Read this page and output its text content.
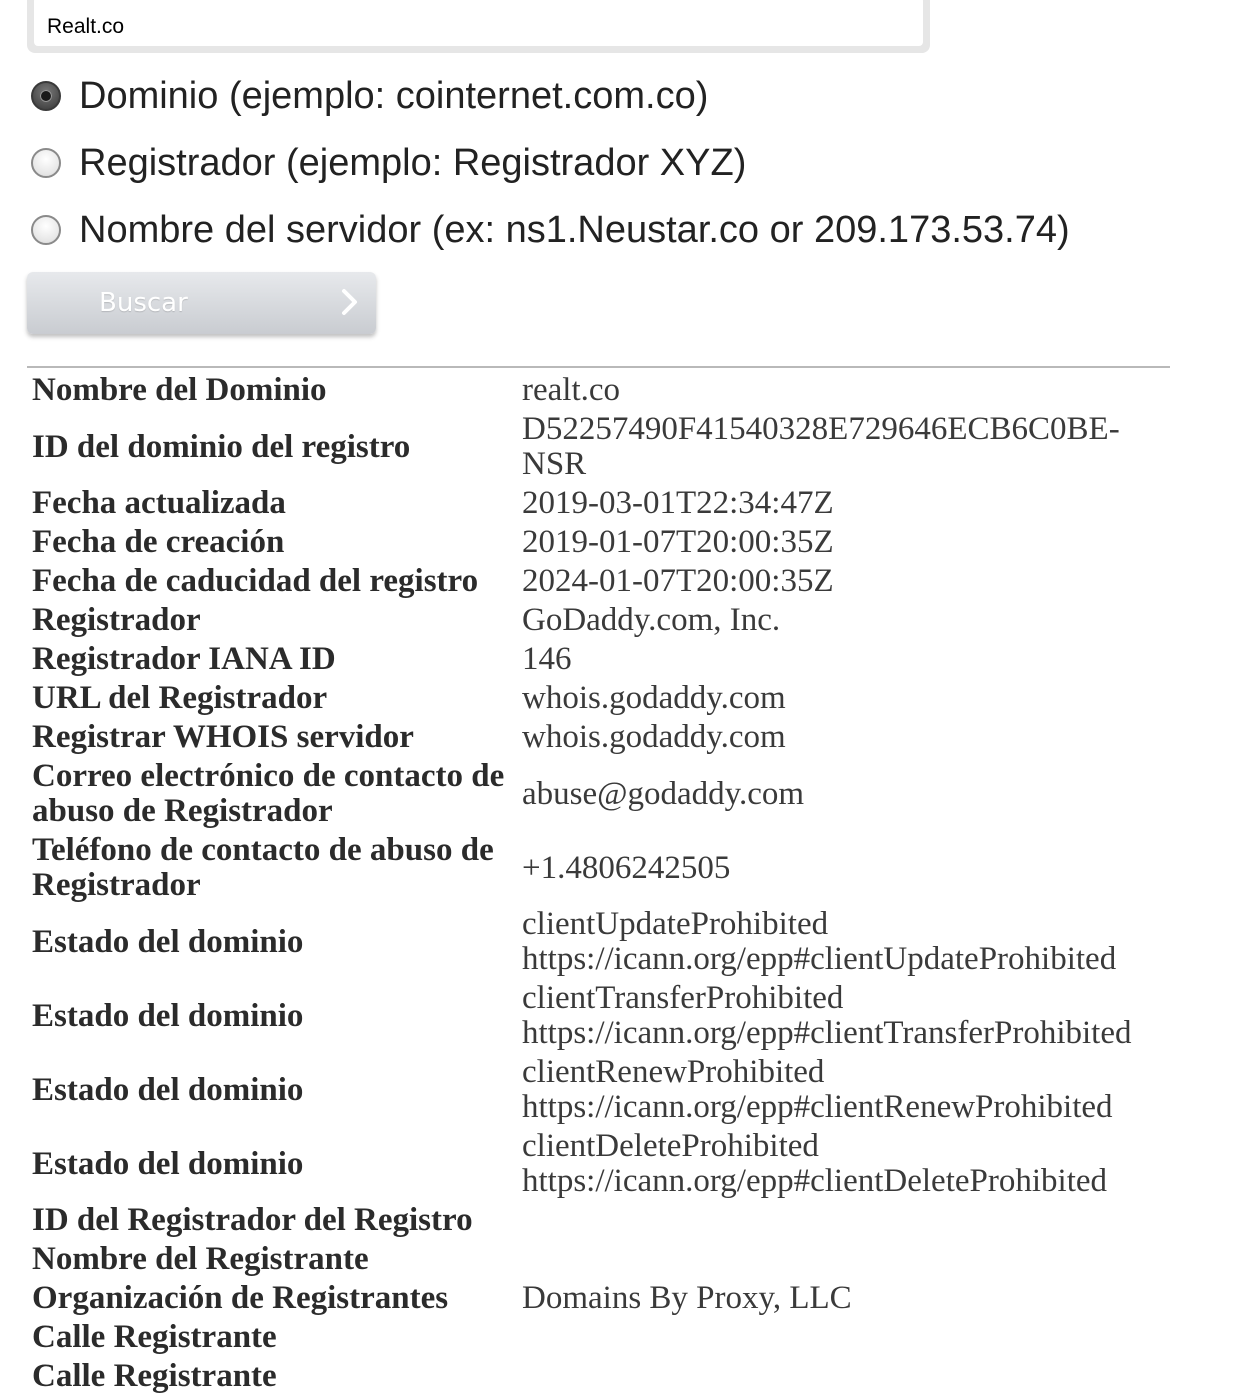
Realt.co
Dominio (ejemplo: cointernet.com.co)
Registrador (ejemplo: Registrador XYZ)
Nombre del servidor (ex: ns1.Neustar.co or 209.173.53.74)
Buscar
Nombre del Dominio	realt.co
ID del dominio del registro	D52257490F41540328E729646ECB6C0BE-NSR
Fecha actualizada	2019-03-01T22:34:47Z
Fecha de creación	2019-01-07T20:00:35Z
Fecha de caducidad del registro	2024-01-07T20:00:35Z
Registrador	GoDaddy.com, Inc.
Registrador IANA ID	146
URL del Registrador	whois.godaddy.com
Registrar WHOIS servidor	whois.godaddy.com
Correo electrónico de contacto de abuso de Registrador	abuse@godaddy.com
Teléfono de contacto de abuso de Registrador	+1.4806242505
Estado del dominio	clientUpdateProhibited
https://icann.org/epp#clientUpdateProhibited

Estado del dominio	clientTransferProhibited
https://icann.org/epp#clientTransferProhibited

Estado del dominio	clientRenewProhibited
https://icann.org/epp#clientRenewProhibited

Estado del dominio	clientDeleteProhibited
https://icann.org/epp#clientDeleteProhibited

ID del Registrador del Registro	
Nombre del Registrante	
Organización de Registrantes	Domains By Proxy, LLC
Calle Registrante	
Calle Registrante	
